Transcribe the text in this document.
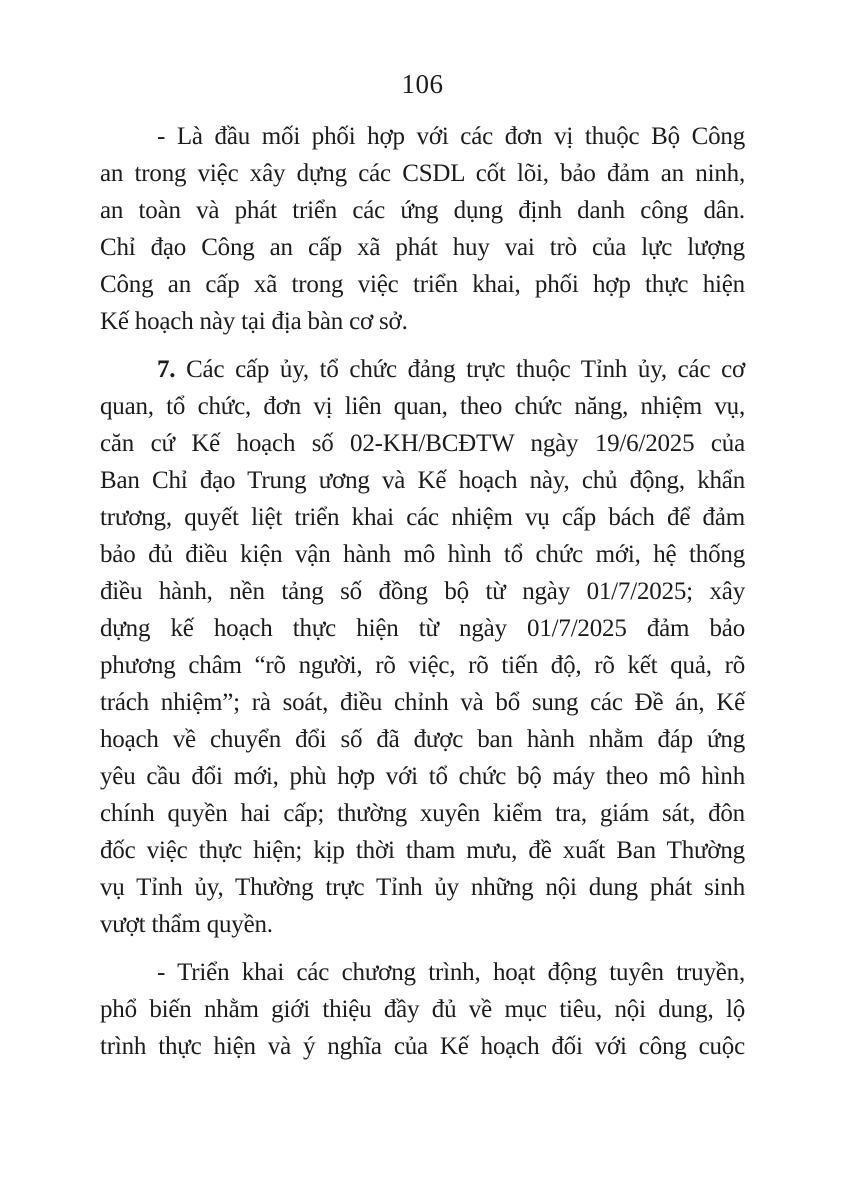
106
- Là đầu mối phối hợp với các đơn vị thuộc Bộ Công
an trong việc xây dựng các CSDL cốt lõi, bảo đảm an ninh,
an toàn và phát triển các ứng dụng định danh công dân.
Chỉ đạo Công an cấp xã phát huy vai trò của lực lượng
Công an cấp xã trong việc triển khai, phối hợp thực hiện
Kế hoạch này tại địa bàn cơ sở.
7. Các cấp ủy, tổ chức đảng trực thuộc Tỉnh ủy, các cơ
quan, tổ chức, đơn vị liên quan, theo chức năng, nhiệm vụ,
căn cứ Kế hoạch số 02-KH/BCĐTW ngày 19/6/2025 của
Ban Chỉ đạo Trung ương và Kế hoạch này, chủ động, khẩn
trương, quyết liệt triển khai các nhiệm vụ cấp bách để đảm
bảo đủ điều kiện vận hành mô hình tổ chức mới, hệ thống
điều hành, nền tảng số đồng bộ từ ngày 01/7/2025; xây
dựng kế hoạch thực hiện từ ngày 01/7/2025 đảm bảo
phương châm “rõ người, rõ việc, rõ tiến độ, rõ kết quả, rõ
trách nhiệm”; rà soát, điều chỉnh và bổ sung các Đề án, Kế
hoạch về chuyển đổi số đã được ban hành nhằm đáp ứng
yêu cầu đổi mới, phù hợp với tổ chức bộ máy theo mô hình
chính quyền hai cấp; thường xuyên kiểm tra, giám sát, đôn
đốc việc thực hiện; kịp thời tham mưu, đề xuất Ban Thường
vụ Tỉnh ủy, Thường trực Tỉnh ủy những nội dung phát sinh
vượt thẩm quyền.
- Triển khai các chương trình, hoạt động tuyên truyền,
phổ biến nhằm giới thiệu đầy đủ về mục tiêu, nội dung, lộ
trình thực hiện và ý nghĩa của Kế hoạch đối với công cuộc
